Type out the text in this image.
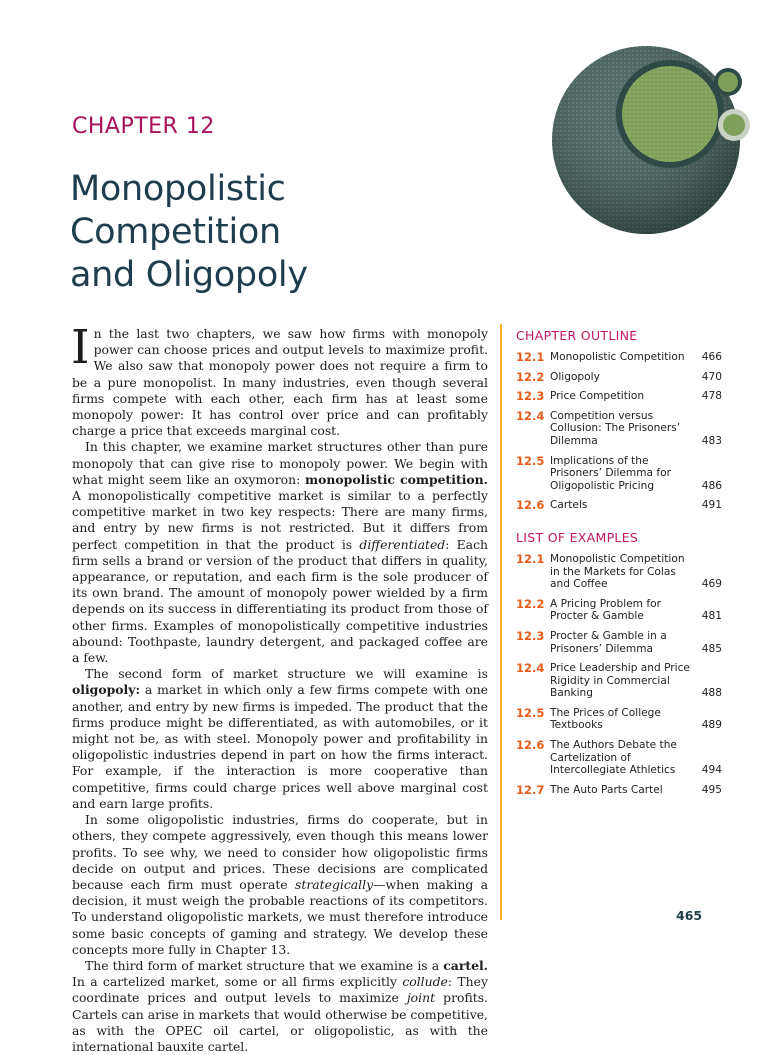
CHAPTER 12
Monopolistic
Competition
and Oligopoly

In the last two chapters, we saw how firms with monopoly power can choose prices and output levels to maximize profit. We also saw that monopoly power does not require a firm to be a pure monopolist. In many industries, even though several firms compete with each other, each firm has at least some monopoly power: It has control over price and can profitably charge a price that exceeds marginal cost.

In this chapter, we examine market structures other than pure monopoly that can give rise to monopoly power. We begin with what might seem like an oxymoron: monopolistic competition. A monopolistically competitive market is similar to a perfectly competitive market in two key respects: There are many firms, and entry by new firms is not restricted. But it differs from perfect competition in that the product is differentiated: Each firm sells a brand or version of the product that differs in quality, appearance, or reputation, and each firm is the sole producer of its own brand. The amount of monopoly power wielded by a firm depends on its success in differentiating its product from those of other firms. Examples of monopolistically competitive industries abound: Toothpaste, laundry detergent, and packaged coffee are a few.

The second form of market structure we will examine is oligopoly: a market in which only a few firms compete with one another, and entry by new firms is impeded. The product that the firms produce might be differentiated, as with automobiles, or it might not be, as with steel. Monopoly power and profitability in oligopolistic industries depend in part on how the firms interact. For example, if the interaction is more cooperative than competitive, firms could charge prices well above marginal cost and earn large profits.

In some oligopolistic industries, firms do cooperate, but in others, they compete aggressively, even though this means lower profits. To see why, we need to consider how oligopolistic firms decide on output and prices. These decisions are complicated because each firm must operate strategically—when making a decision, it must weigh the probable reactions of its competitors. To understand oligopolistic markets, we must therefore introduce some basic concepts of gaming and strategy. We develop these concepts more fully in Chapter 13.

The third form of market structure that we examine is a cartel. In a cartelized market, some or all firms explicitly collude: They coordinate prices and output levels to maximize joint profits. Cartels can arise in markets that would otherwise be competitive, as with the OPEC oil cartel, or oligopolistic, as with the international bauxite cartel.

CHAPTER OUTLINE
12.1 Monopolistic Competition	466
12.2 Oligopoly	470
12.3 Price Competition	478
12.4 Competition versus Collusion: The Prisoners’ Dilemma	483
12.5 Implications of the Prisoners’ Dilemma for Oligopolistic Pricing	486
12.6 Cartels	491
LIST OF EXAMPLES
12.1 Monopolistic Competition in the Markets for Colas and Coffee	469
12.2 A Pricing Problem for Procter & Gamble	481
12.3 Procter & Gamble in a Prisoners’ Dilemma	485
12.4 Price Leadership and Price Rigidity in Commercial Banking	488
12.5 The Prices of College Textbooks	489
12.6 The Authors Debate the Cartelization of Intercollegiate Athletics	494
12.7 The Auto Parts Cartel	495
465
